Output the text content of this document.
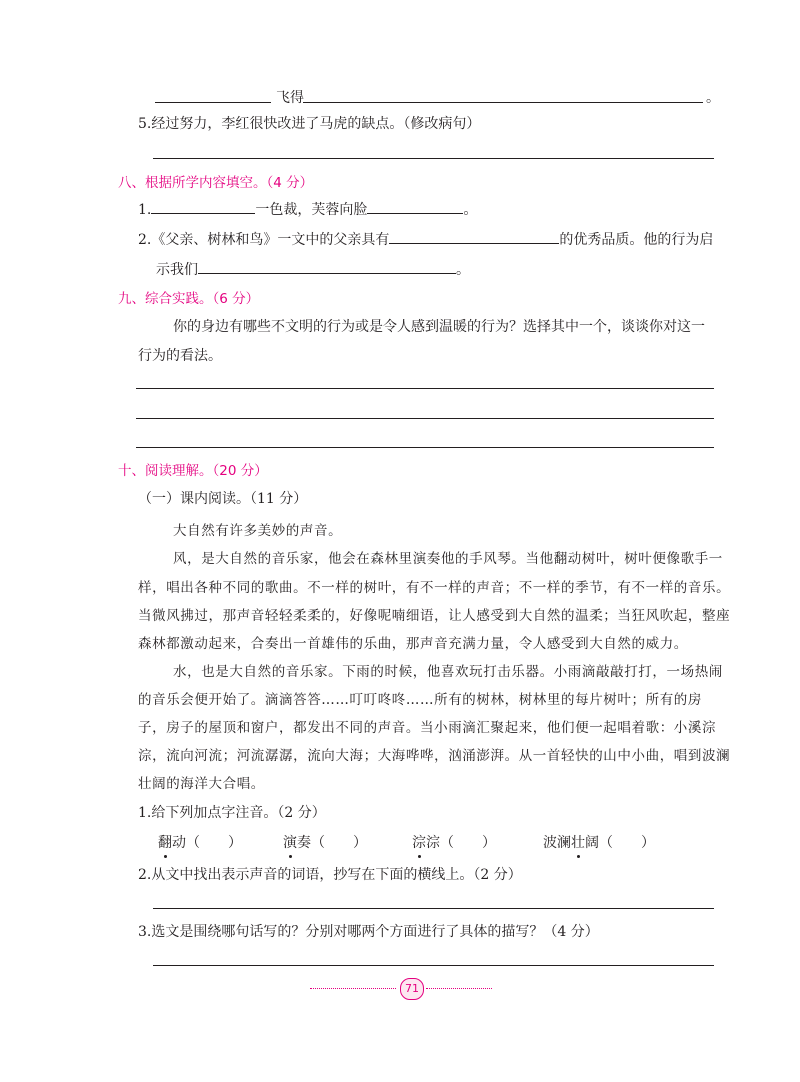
飞得	。
5.经过努力，李红很快改进了马虎的缺点。（修改病句）
八、根据所学内容填空。（4 分）
1.	一色裁，芙蓉向脸	。
2.《父亲、树林和鸟》一文中的父亲具有	的优秀品质。他的行为启
示我们	。
九、综合实践。（6 分）
你的身边有哪些不文明的行为或是令人感到温暖的行为？选择其中一个，谈谈你对这一
行为的看法。
十、阅读理解。（20 分）
（一）课内阅读。（11 分）
大自然有许多美妙的声音。
风，是大自然的音乐家，他会在森林里演奏他的手风琴。当他翻动树叶，树叶便像歌手一
样，唱出各种不同的歌曲。不一样的树叶，有不一样的声音；不一样的季节，有不一样的音乐。
当微风拂过，那声音轻轻柔柔的，好像呢喃细语，让人感受到大自然的温柔；当狂风吹起，整座
森林都激动起来，合奏出一首雄伟的乐曲，那声音充满力量，令人感受到大自然的威力。
水，也是大自然的音乐家。下雨的时候，他喜欢玩打击乐器。小雨滴敲敲打打，一场热闹
的音乐会便开始了。滴滴答答……叮叮咚咚……所有的树林，树林里的每片树叶；所有的房
子，房子的屋顶和窗户，都发出不同的声音。当小雨滴汇聚起来，他们便一起唱着歌：小溪淙
淙，流向河流；河流潺潺，流向大海；大海哗哗，汹涌澎湃。从一首轻快的山中小曲，唱到波澜
壮阔的海洋大合唱。
1.给下列加点字注音。（2 分）
翻动（　　）	演奏（　　）	淙淙（　　）	波澜壮阔（　　）
2.从文中找出表示声音的词语，抄写在下面的横线上。（2 分）
3.选文是围绕哪句话写的？分别对哪两个方面进行了具体的描写？（4 分）
71
